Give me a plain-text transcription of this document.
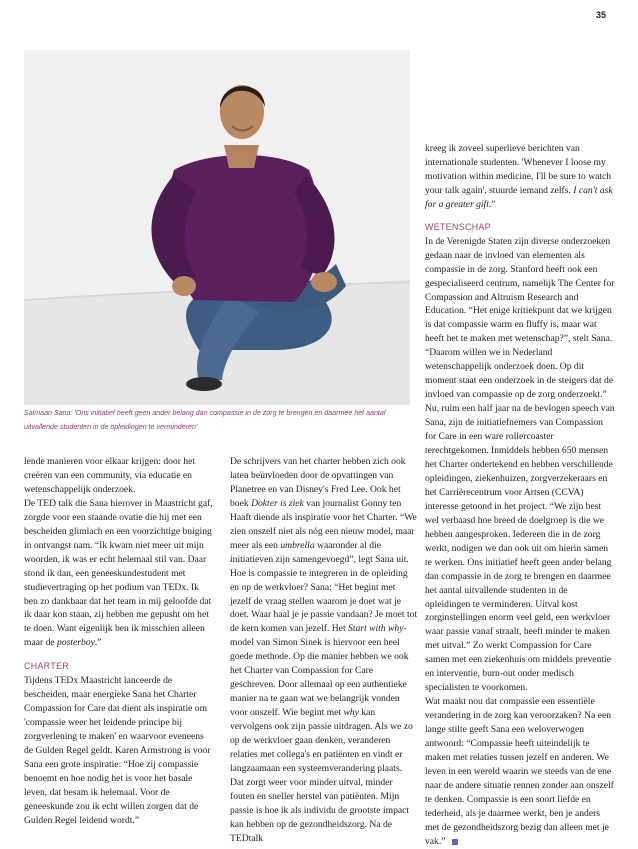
35

Salmaan Sana: 'Ons initiatief heeft geen ander belang dan compassie in de zorg te brengen en daarmee het aantal uitvallende studenten in de opleidingen te verminderen'

lende manieren voor elkaar krijgen: door het creëren van een community, via educatie en wetenschappelijk onderzoek.

De TED talk die Sana hierover in Maastricht gaf, zorgde voor een staande ovatie die hij met een bescheiden glimlach en een voorzichtige buiging in ontvangst nam. “Ik kwam niet meer uit mijn woorden, ik was er echt helemaal stil van. Daar stond ik dan, een geneeskundestudent met studievertraging op het podium van TEDx. Ik ben zo dankbaar dat het team in mij geloofde dat ik daar kon staan, zij hebben me gepusht om het te doen. Want eigenlijk ben ik misschien alleen maar de posterboy.”

CHARTER

Tijdens TEDx Maastricht lanceerde de bescheiden, maar energieke Sana het Charter Compassion for Care dat dient als inspiratie om 'compassie weer het leidende principe bij zorgverlening te maken' en waarvoor eveneens de Gulden Regel geldt. Karen Armstrong is voor Sana een grote inspiratie: “Hoe zij compassie benoemt en hoe nodig het is voor het basale leven, dat besam ik helemaal. Voor de geneeskunde zou ik echt willen zorgen dat de Gulden Regel leidend wordt.”

De schrijvers van het charter hebben zich ook laten beïnvloeden door de opvattingen van Planetree en van Disney's Fred Lee. Ook het boek Dokter is ziek van journalist Gonny ten Haaft diende als inspiratie voor het Charter. “We zien onszelf niet als nóg een nieuw model, maar meer als een umbrella waaronder al die initiatieven zijn samengevoegd”, legt Sana uit. Hoe is compassie te integreren in de opleiding en op de werkvloer? Sana: “Het begint met jezelf de vraag stellen waarom je doet wat je doet. Waar haal je je passie vandaan? Je moet tot de kern komen van jezelf. Het Start with why-model van Simon Sinek is hiervoor een heel goede methode. Op die manier hebben we ook het Charter van Compassion for Care geschreven. Door allemaal op een authentieke manier na te gaan wat we belangrijk vonden voor onszelf. Wie begint met why kan vervolgens ook zijn passie uitdragen. Als we zo op de werkvloer gaan denken, veranderen relaties met collega's en patiënten en vindt er langzaamaan een systeemverandering plaats. Dat zorgt weer voor minder uitval, minder fouten en sneller herstel van patiënten. Mijn passie is hoe ik als individu de grootste impact kan hebben op de gezondheidszorg. Na de TEDtalk

kreeg ik zoveel superlieve berichten van internationale studenten. 'Whenever I loose my motivation within medicine, I'll be sure to watch your talk again', stuurde iemand zelfs. I can't ask for a greater gift.”

WETENSCHAP

In de Verenigde Staten zijn diverse onderzoeken gedaan naar de invloed van elementen als compassie in de zorg. Stanford heeft ook een gespecialiseerd centrum, namelijk The Center for Compassion and Altruism Research and Education. “Het enige kritiekpunt dat we krijgen is dat compassie warm en fluffy is, maar wat heeft het te maken met wetenschap?”, stelt Sana. “Daarom willen we in Nederland wetenschappelijk onderzoek doen. Op dit moment staat een onderzoek in de steigers dat de invloed van compassie op de zorg onderzoekt.”

Nu, ruim een half jaar na de bevlogen speech van Sana, zijn de initiatiefnemers van Compassion for Care in een ware rollercoaster terechtgekomen. Inmiddels hebben 650 mensen het Charter ondertekend en hebben verschillende opleidingen, ziekenhuizen, zorgverzekeraars en het Carrièrecentrum voor Artsen (CCVA) interesse getoond in het project. “We zijn best wel verbaasd hoe breed de doelgroep is die we hebben aangesproken. Iedereen die in de zorg werkt, nodigen we dan ook uit om hierin samen te werken. Ons initiatief heeft geen ander belang dan compassie in de zorg te brengen en daarmee het aantal uitvallende studenten in de opleidingen te verminderen. Uitval kost zorginstellingen enorm veel geld, een werkvloer waar passie vanaf straalt, heeft minder te maken met uitval.” Zo werkt Compassion for Care samen met een ziekenhuis om middels preventie en interventie, burn-out onder medisch specialisten te voorkomen.

Wat maakt nou dat compassie een essentiële verandering in de zorg kan veroorzaken? Na een lange stilte geeft Sana een weloverwogen antwoord: “Compassie heeft uiteindelijk te maken met relaties tussen jezelf en anderen. We leven in een wereld waarin we steeds van de ene naar de andere situatie rennen zonder aan onszelf te denken. Compassie is een soort liefde en tederheid, als je daarmee werkt, ben je anders met de gezondheidszorg bezig dan alleen met je vak.”
